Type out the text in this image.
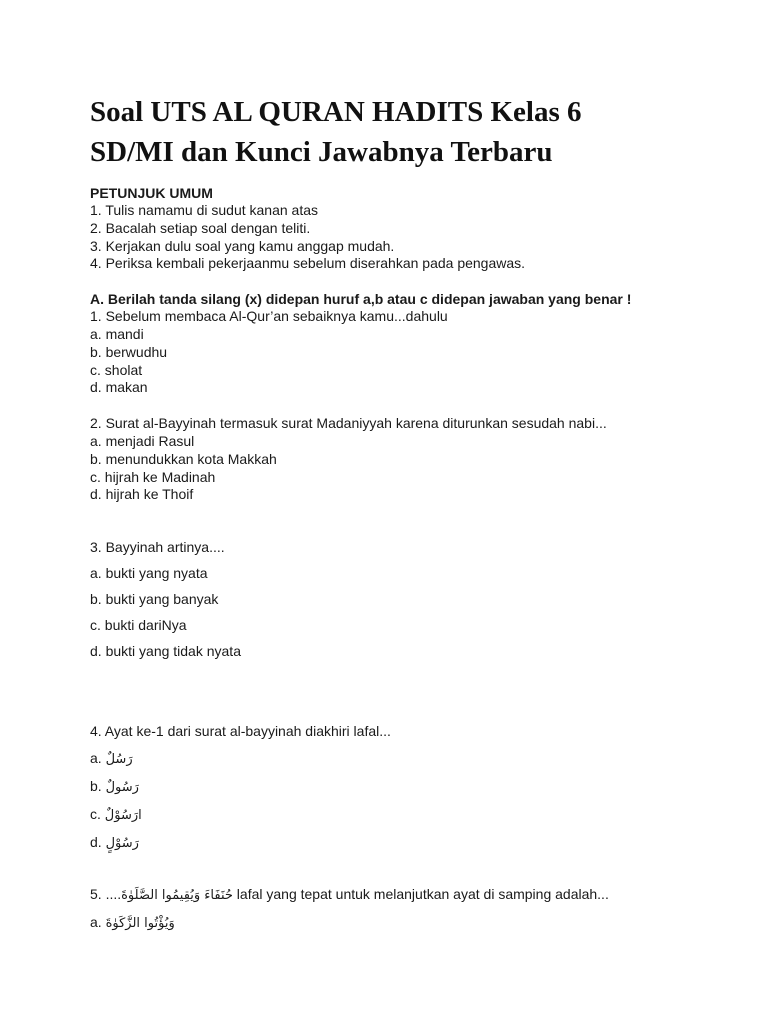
Soal UTS AL QURAN HADITS Kelas 6
SD/MI dan Kunci Jawabnya Terbaru
PETUNJUK UMUM
1. Tulis namamu di sudut kanan atas
2. Bacalah setiap soal dengan teliti.
3. Kerjakan dulu soal yang kamu anggap mudah.
4. Periksa kembali pekerjaanmu sebelum diserahkan pada pengawas.
A. Berilah tanda silang (x) didepan huruf a,b atau c didepan jawaban yang benar !
1. Sebelum membaca Al-Qur’an sebaiknya kamu...dahulu
a. mandi
b. berwudhu
c. sholat
d. makan
2. Surat al-Bayyinah termasuk surat Madaniyyah karena diturunkan sesudah nabi...
a. menjadi Rasul
b. menundukkan kota Makkah
c. hijrah ke Madinah
d. hijrah ke Thoif
3. Bayyinah artinya....
a. bukti yang nyata
b. bukti yang banyak
c. bukti dariNya
d. bukti yang tidak nyata
4. Ayat ke-1 dari surat al-bayyinah diakhiri lafal...
a. رَسُلٌ
b. رَسُولٌ
c. ارَسُوْلٌ
d. رَسُوْلٍ
5. ....حُنَفَاءَ وَيُقِيمُوا الصَّلَوٰةَ lafal yang tepat untuk melanjutkan ayat di samping adalah...
a. وَيُؤْتُوا الزَّكَوٰةَ
